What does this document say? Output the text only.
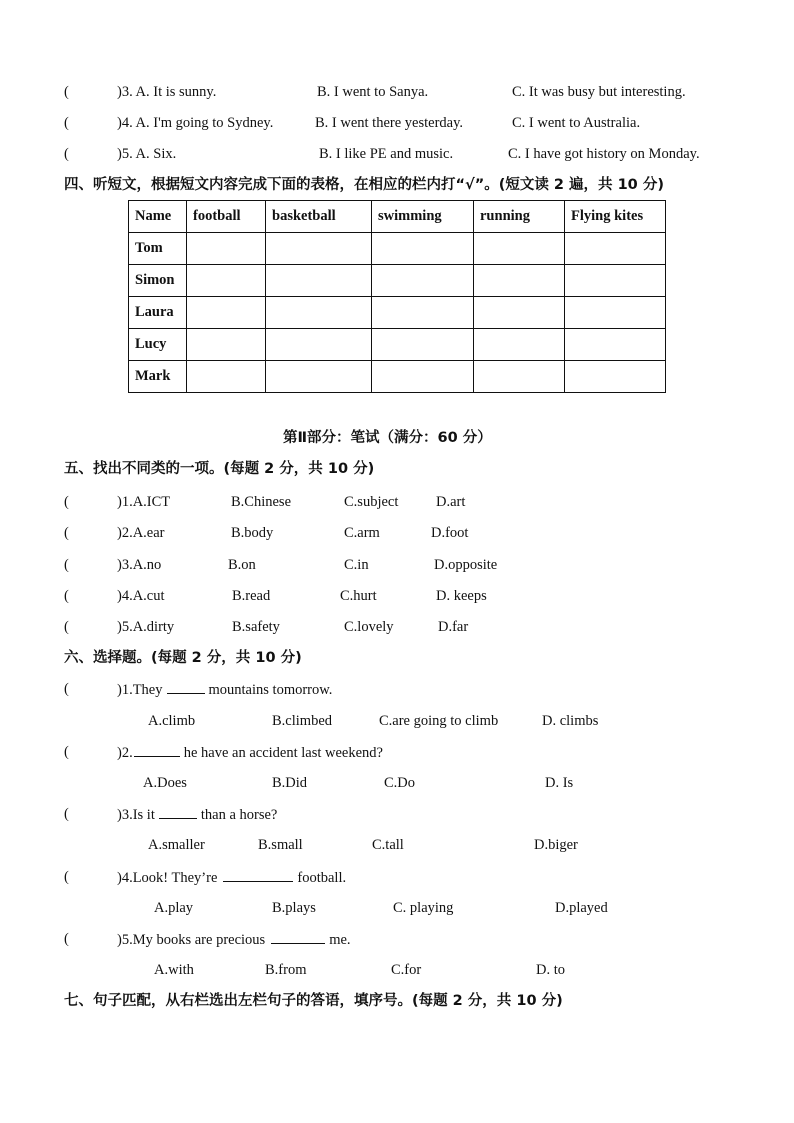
(	)3. A. It is sunny.	B. I went to Sanya.	C. It was busy but interesting.
(	)4. A. I'm going to Sydney.	B. I went there yesterday.	C. I went to Australia.
(	)5. A. Six.	B. I like PE and music.	C. I have got history on Monday.
四、听短文，根据短文内容完成下面的表格，在相应的栏内打“√”。(短文读 2 遍，共 10 分)
Name	football	basketball	swimming	running	Flying kites
Tom					
Simon					
Laura					
Lucy					
Mark					
第Ⅱ部分：笔试（满分：60 分）
五、找出不同类的一项。(每题 2 分，共 10 分)
(	)1.A.ICT	B.Chinese	C.subject	D.art
(	)2.A.ear	B.body	C.arm	D.foot
(	)3.A.no	B.on	C.in	D.opposite
(	)4.A.cut	B.read	C.hurt	D. keeps
(	)5.A.dirty	B.safety	C.lovely	D.far
六、选择题。(每题 2 分，共 10 分)
(	)1.They	mountains tomorrow.
A.climb	B.climbed	C.are going to climb	D. climbs
(	)2.	he have an accident last weekend?
A.Does	B.Did	C.Do	D. Is
(	)3.Is it	than a horse?
A.smaller	B.small	C.tall	D.biger
(	)4.Look! They’re	football.
A.play	B.plays	C. playing	D.played
(	)5.My books are precious	me.
A.with	B.from	C.for	D. to
七、句子匹配，从右栏选出左栏句子的答语，填序号。(每题 2 分，共 10 分)
